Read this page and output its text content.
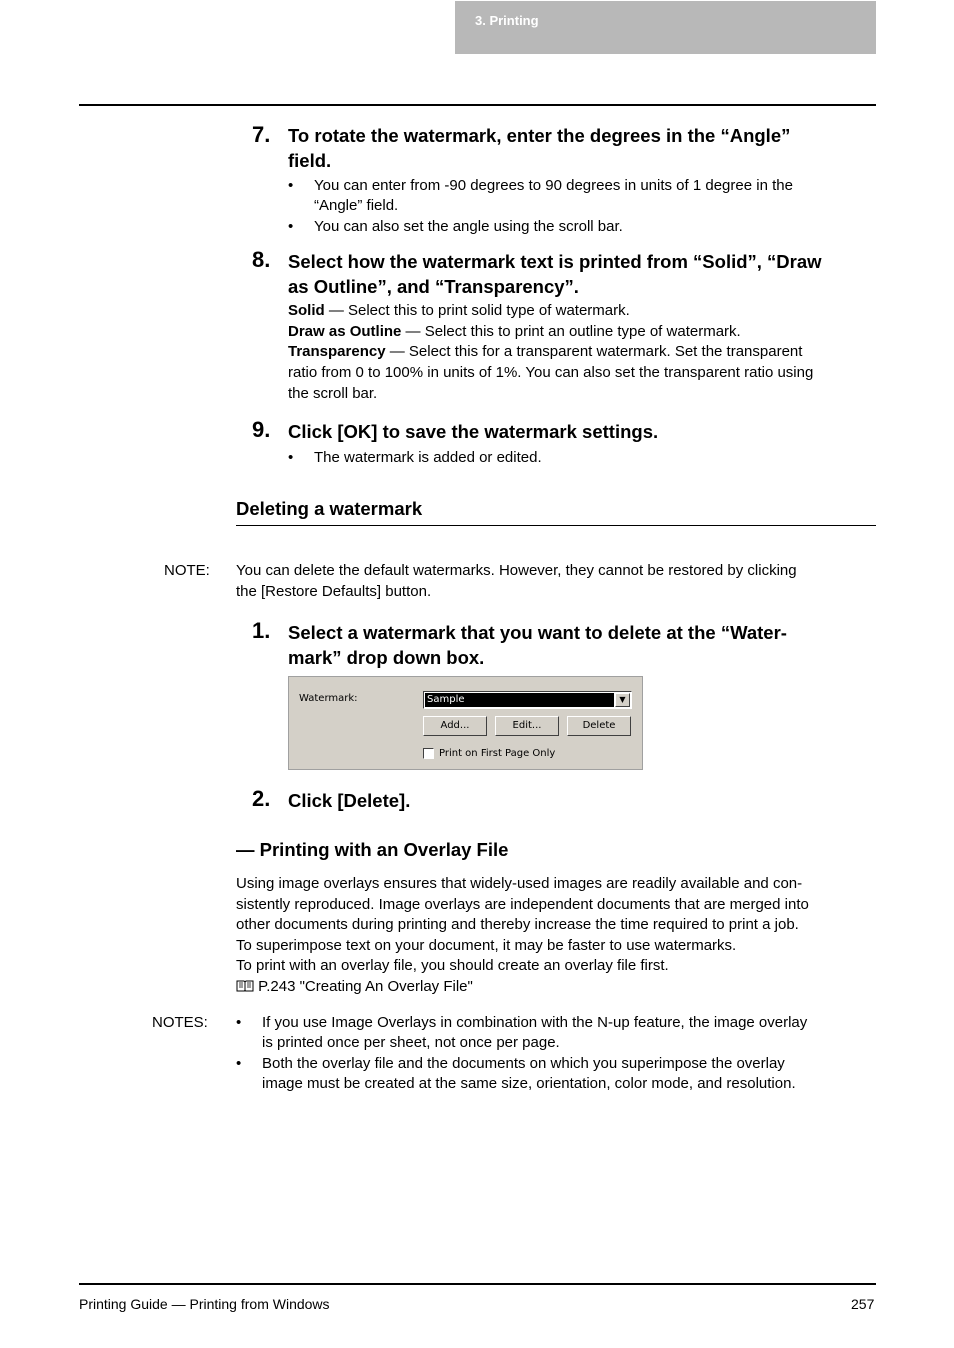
3. Printing
7. To rotate the watermark, enter the degrees in the “Angle”
field.
• You can enter from -90 degrees to 90 degrees in units of 1 degree in the
“Angle” field.
• You can also set the angle using the scroll bar.
8. Select how the watermark text is printed from “Solid”, “Draw
as Outline”, and “Transparency”.
Solid — Select this to print solid type of watermark.
Draw as Outline — Select this to print an outline type of watermark.
Transparency — Select this for a transparent watermark. Set the transparent
ratio from 0 to 100% in units of 1%. You can also set the transparent ratio using
the scroll bar.
9. Click [OK] to save the watermark settings.
• The watermark is added or edited.
Deleting a watermark
NOTE: You can delete the default watermarks. However, they cannot be restored by clicking
the [Restore Defaults] button.
1. Select a watermark that you want to delete at the “Water-
mark” drop down box.
Watermark:	Sample	▼
Add...	Edit...	Delete
Print on First Page Only
2. Click [Delete].
— Printing with an Overlay File
Using image overlays ensures that widely-used images are readily available and con-
sistently reproduced. Image overlays are independent documents that are merged into
other documents during printing and thereby increase the time required to print a job.
To superimpose text on your document, it may be faster to use watermarks.
To print with an overlay file, you should create an overlay file first.
P.243 "Creating An Overlay File"
NOTES: • If you use Image Overlays in combination with the N-up feature, the image overlay
is printed once per sheet, not once per page.
• Both the overlay file and the documents on which you superimpose the overlay
image must be created at the same size, orientation, color mode, and resolution.
Printing Guide — Printing from Windows	257
